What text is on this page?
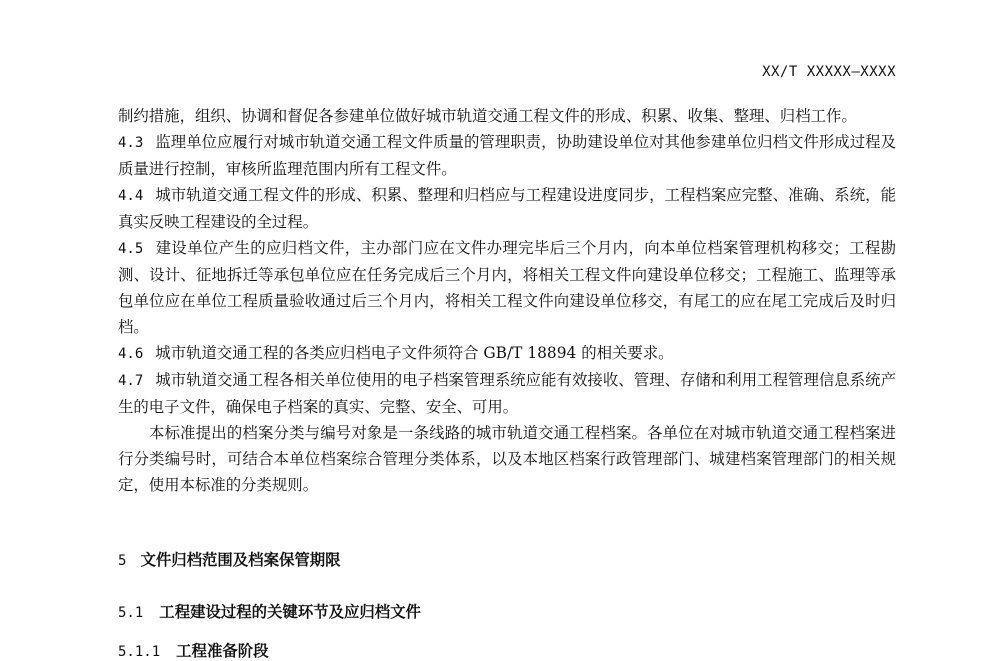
XX/T XXXXX—XXXX

制约措施，组织、协调和督促各参建单位做好城市轨道交通工程文件的形成、积累、收集、整理、归档工作。

4.3 监理单位应履行对城市轨道交通工程文件质量的管理职责，协助建设单位对其他参建单位归档文件形成过程及质量进行控制，审核所监理范围内所有工程文件。

4.4 城市轨道交通工程文件的形成、积累、整理和归档应与工程建设进度同步，工程档案应完整、准确、系统，能真实反映工程建设的全过程。

4.5 建设单位产生的应归档文件，主办部门应在文件办理完毕后三个月内，向本单位档案管理机构移交；工程勘测、设计、征地拆迁等承包单位应在任务完成后三个月内，将相关工程文件向建设单位移交；工程施工、监理等承包单位应在单位工程质量验收通过后三个月内，将相关工程文件向建设单位移交，有尾工的应在尾工完成后及时归档。

4.6 城市轨道交通工程的各类应归档电子文件须符合 GB/T 18894 的相关要求。

4.7 城市轨道交通工程各相关单位使用的电子档案管理系统应能有效接收、管理、存储和利用工程管理信息系统产生的电子文件，确保电子档案的真实、完整、安全、可用。

本标准提出的档案分类与编号对象是一条线路的城市轨道交通工程档案。各单位在对城市轨道交通工程档案进行分类编号时，可结合本单位档案综合管理分类体系，以及本地区档案行政管理部门、城建档案管理部门的相关规定，使用本标准的分类规则。

5 文件归档范围及档案保管期限
5.1 工程建设过程的关键环节及应归档文件
5.1.1 工程准备阶段
